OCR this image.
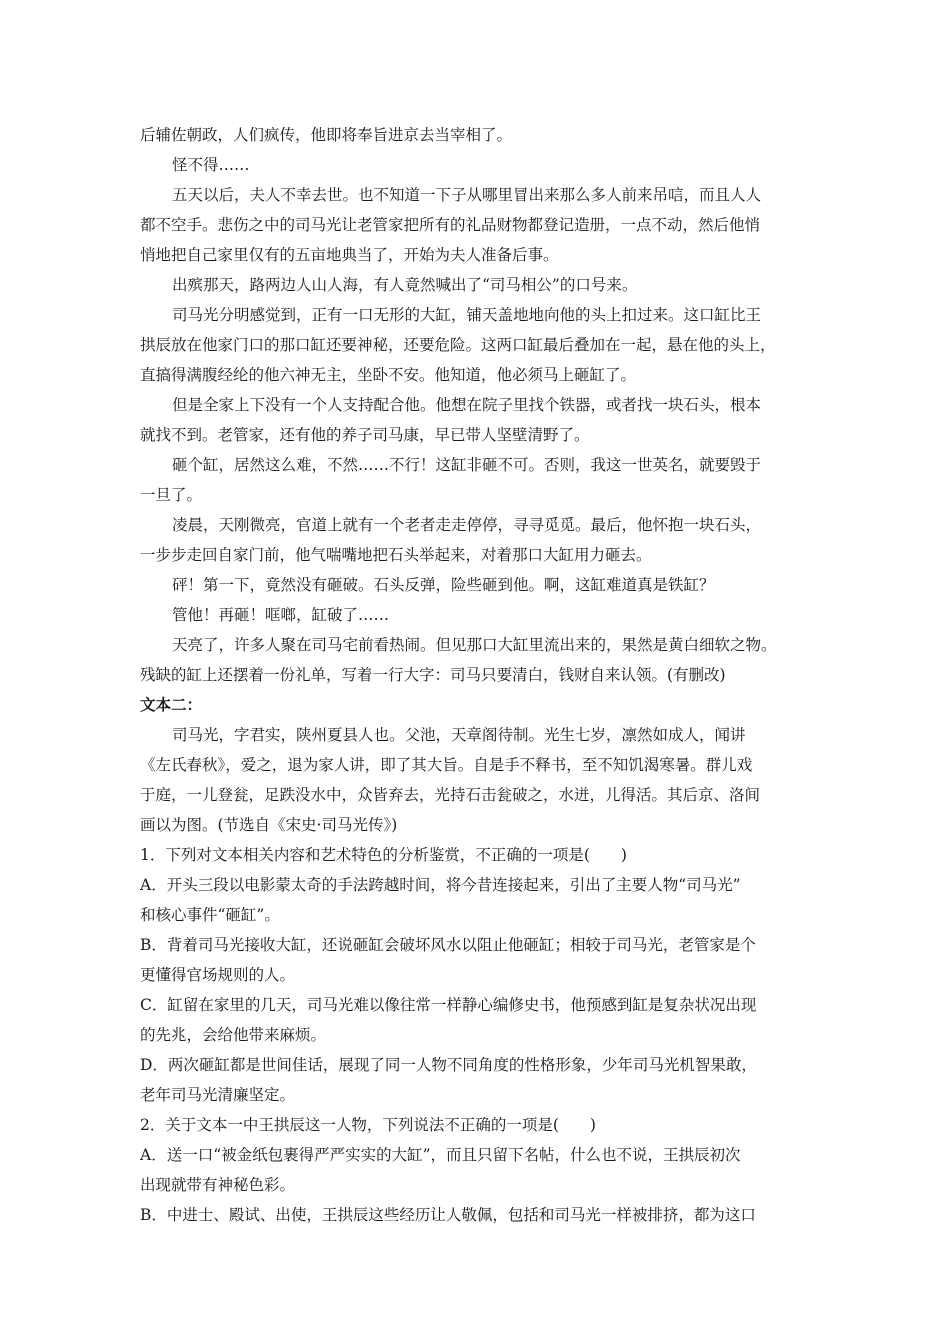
后辅佐朝政，人们疯传，他即将奉旨进京去当宰相了。

怪不得……

五天以后，夫人不幸去世。也不知道一下子从哪里冒出来那么多人前来吊唁，而且人人

都不空手。悲伤之中的司马光让老管家把所有的礼品财物都登记造册，一点不动，然后他悄

悄地把自己家里仅有的五亩地典当了，开始为夫人准备后事。

出殡那天，路两边人山人海，有人竟然喊出了“司马相公”的口号来。

司马光分明感觉到，正有一口无形的大缸，铺天盖地地向他的头上扣过来。这口缸比王

拱辰放在他家门口的那口缸还要神秘，还要危险。这两口缸最后叠加在一起，悬在他的头上，

直搞得满腹经纶的他六神无主，坐卧不安。他知道，他必须马上砸缸了。

但是全家上下没有一个人支持配合他。他想在院子里找个铁器，或者找一块石头，根本

就找不到。老管家，还有他的养子司马康，早已带人坚壁清野了。

砸个缸，居然这么难，不然……不行！这缸非砸不可。否则，我这一世英名，就要毁于

一旦了。

凌晨，天刚微亮，官道上就有一个老者走走停停，寻寻觅觅。最后，他怀抱一块石头，

一步步走回自家门前，他气喘嘴地把石头举起来，对着那口大缸用力砸去。

砰！第一下，竟然没有砸破。石头反弹，险些砸到他。啊，这缸难道真是铁缸？

管他！再砸！哐啷，缸破了……

天亮了，许多人聚在司马宅前看热闹。但见那口大缸里流出来的，果然是黄白细软之物。

残缺的缸上还摆着一份礼单，写着一行大字：司马只要清白，钱财自来认领。(有删改)

文本二：

司马光，字君实，陕州夏县人也。父池，天章阁待制。光生七岁，凛然如成人，闻讲

《左氏春秋》，爱之，退为家人讲，即了其大旨。自是手不释书，至不知饥渴寒暑。群儿戏

于庭，一儿登瓮，足跌没水中，众皆弃去，光持石击瓮破之，水迸，儿得活。其后京、洛间

画以为图。(节选自《宋史·司马光传》)

1．下列对文本相关内容和艺术特色的分析鉴赏，不正确的一项是(　　)

A．开头三段以电影蒙太奇的手法跨越时间，将今昔连接起来，引出了主要人物“司马光”

和核心事件“砸缸”。

B．背着司马光接收大缸，还说砸缸会破坏风水以阻止他砸缸；相较于司马光，老管家是个

更懂得官场规则的人。

C．缸留在家里的几天，司马光难以像往常一样静心编修史书，他预感到缸是复杂状况出现

的先兆，会给他带来麻烦。

D．两次砸缸都是世间佳话，展现了同一人物不同角度的性格形象，少年司马光机智果敢，

老年司马光清廉坚定。

2．关于文本一中王拱辰这一人物，下列说法不正确的一项是(　　)

A．送一口“被金纸包裹得严严实实的大缸”，而且只留下名帖，什么也不说，王拱辰初次

出现就带有神秘色彩。

B．中进士、殿试、出使，王拱辰这些经历让人敬佩，包括和司马光一样被排挤，都为这口
